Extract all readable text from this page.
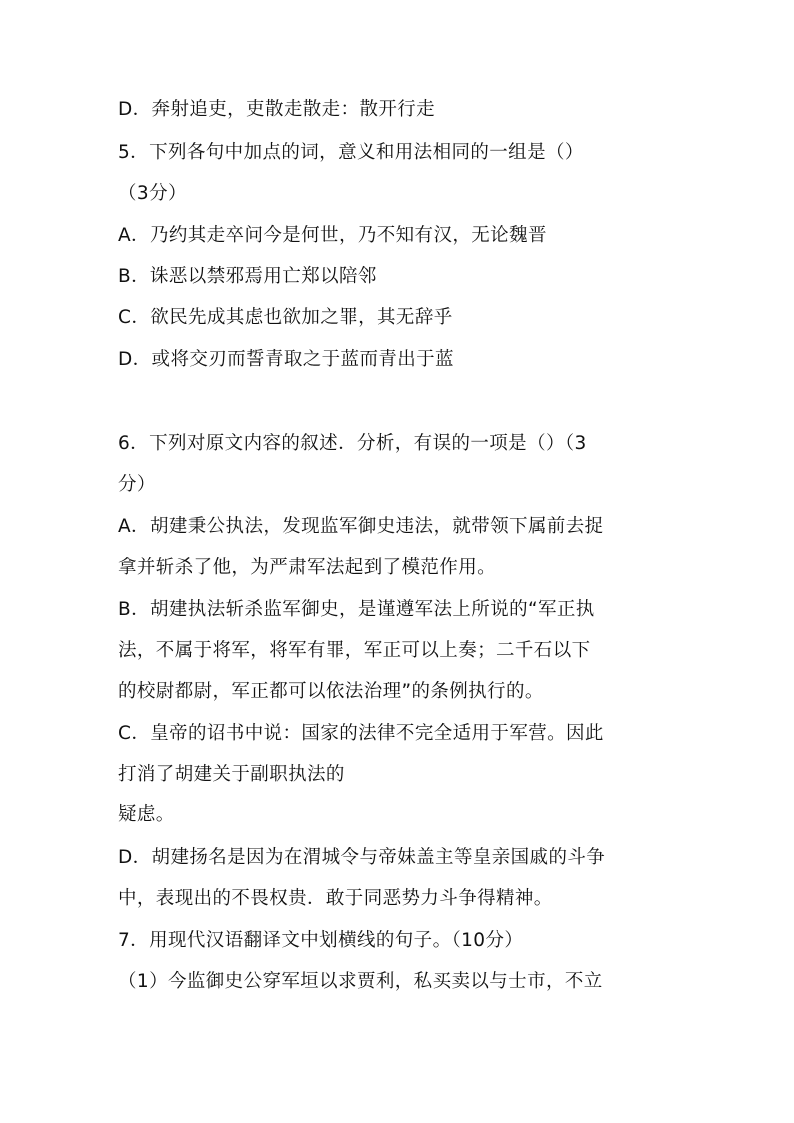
D．奔射追吏，吏散走散走：散开行走
5．下列各句中加点的词，意义和用法相同的一组是（）
（3分）
A．乃约其走卒问今是何世，乃不知有汉，无论魏晋
B．诛恶以禁邪焉用亡郑以陪邻
C．欲民先成其虑也欲加之罪，其无辞乎
D．或将交刃而誓青取之于蓝而青出于蓝
6．下列对原文内容的叙述．分析，有误的一项是（）（3
分）
A．胡建秉公执法，发现监军御史违法，就带领下属前去捉
拿并斩杀了他，为严肃军法起到了模范作用。
B．胡建执法斩杀监军御史，是谨遵军法上所说的“军正执
法，不属于将军，将军有罪，军正可以上奏；二千石以下
的校尉都尉，军正都可以依法治理”的条例执行的。
C．皇帝的诏书中说：国家的法律不完全适用于军营。因此
打消了胡建关于副职执法的
疑虑。
D．胡建扬名是因为在渭城令与帝妹盖主等皇亲国戚的斗争
中，表现出的不畏权贵．敢于同恶势力斗争得精神。
7．用现代汉语翻译文中划横线的句子。（10分）
（1）今监御史公穿军垣以求贾利，私买卖以与士市，不立
